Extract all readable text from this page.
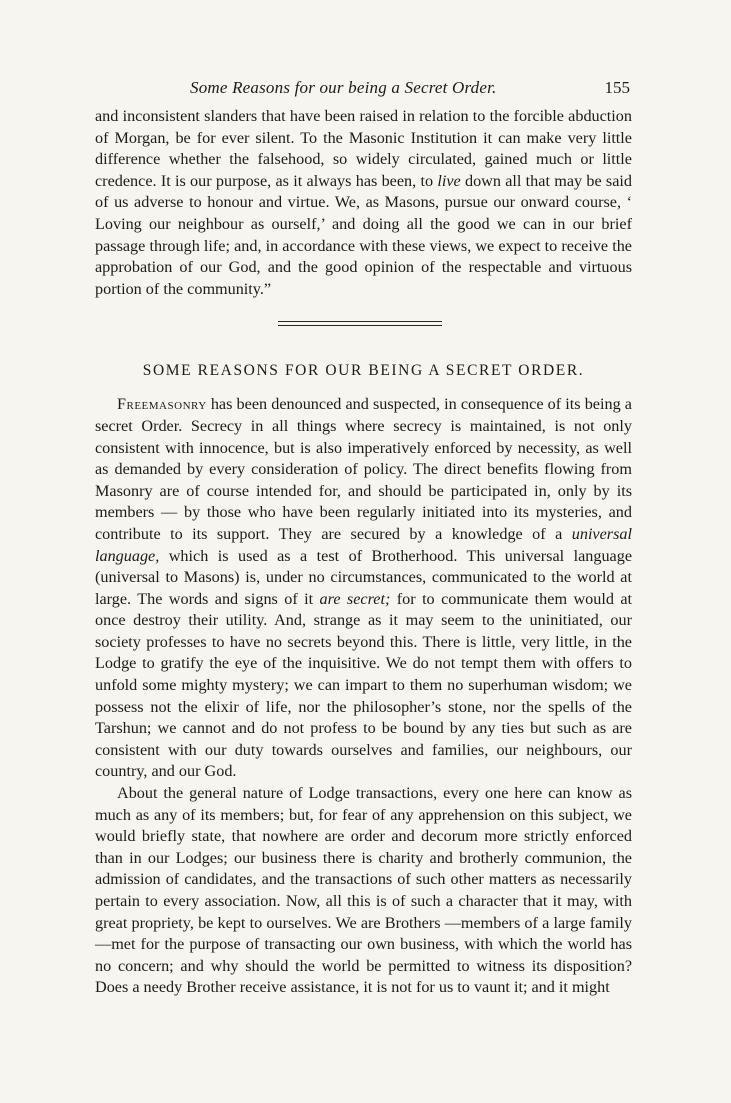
Some Reasons for our being a Secret Order.	155

and inconsistent slanders that have been raised in relation to the forcible abduction of Morgan, be for ever silent. To the Masonic Institution it can make very little difference whether the falsehood, so widely circulated, gained much or little credence. It is our purpose, as it always has been, to live down all that may be said of us adverse to honour and virtue. We, as Masons, pursue our onward course, ‘ Loving our neighbour as ourself,’ and doing all the good we can in our brief passage through life; and, in accordance with these views, we expect to receive the approbation of our God, and the good opinion of the respectable and virtuous portion of the community.”

SOME REASONS FOR OUR BEING A SECRET ORDER.

Freemasonry has been denounced and suspected, in consequence of its being a secret Order. Secrecy in all things where secrecy is maintained, is not only consistent with innocence, but is also imperatively enforced by necessity, as well as demanded by every consideration of policy. The direct benefits flowing from Masonry are of course intended for, and should be participated in, only by its members — by those who have been regularly initiated into its mysteries, and contribute to its support. They are secured by a knowledge of a universal language, which is used as a test of Brotherhood. This universal language (universal to Masons) is, under no circumstances, communicated to the world at large. The words and signs of it are secret; for to communicate them would at once destroy their utility. And, strange as it may seem to the uninitiated, our society professes to have no secrets beyond this. There is little, very little, in the Lodge to gratify the eye of the inquisitive. We do not tempt them with offers to unfold some mighty mystery; we can impart to them no superhuman wisdom; we possess not the elixir of life, nor the philosopher’s stone, nor the spells of the Tarshun; we cannot and do not profess to be bound by any ties but such as are consistent with our duty towards ourselves and families, our neighbours, our country, and our God.

About the general nature of Lodge transactions, every one here can know as much as any of its members; but, for fear of any apprehension on this subject, we would briefly state, that nowhere are order and decorum more strictly enforced than in our Lodges; our business there is charity and brotherly communion, the admission of candidates, and the transactions of such other matters as necessarily pertain to every association. Now, all this is of such a character that it may, with great propriety, be kept to ourselves. We are Brothers —members of a large family—met for the purpose of transacting our own business, with which the world has no concern; and why should the world be permitted to witness its disposition? Does a needy Brother receive assistance, it is not for us to vaunt it; and it might
